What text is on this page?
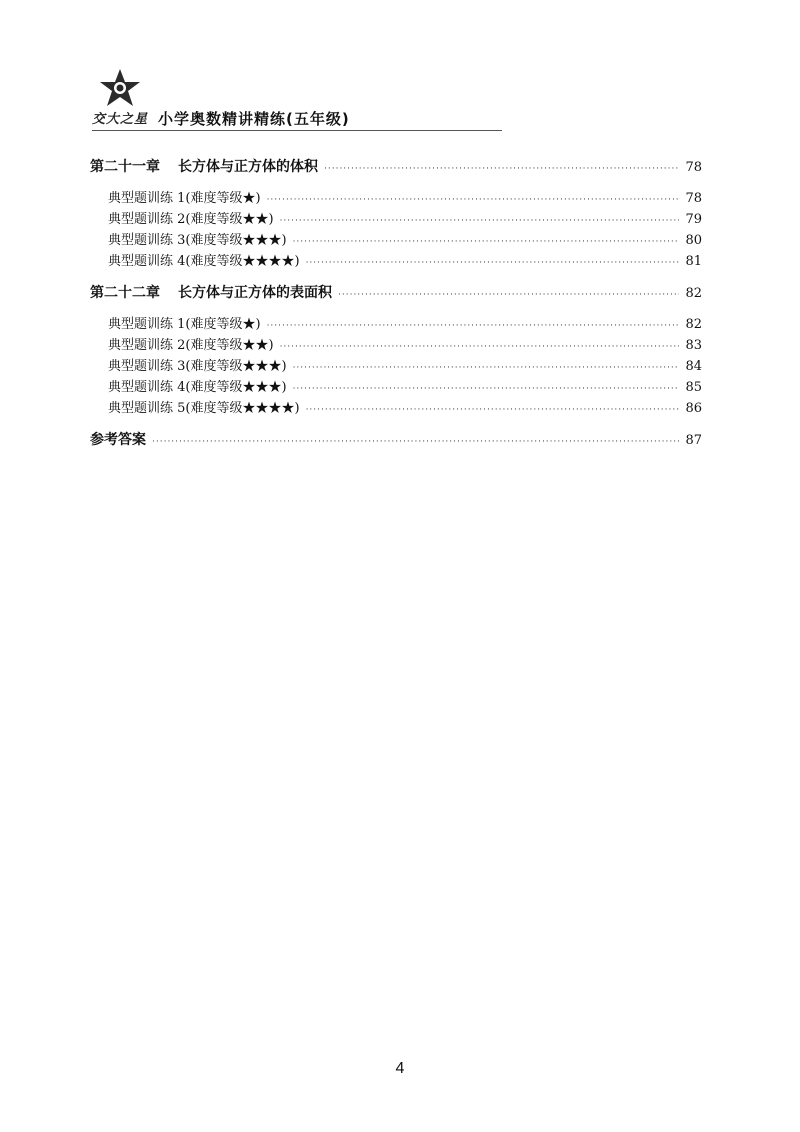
交大之星 小学奥数精讲精练(五年级)
第二十一章 长方体与正方体的体积 ·····	78
典型题训练 1(难度等级★) ·····	78
典型题训练 2(难度等级★★) ·····	79
典型题训练 3(难度等级★★★) ·····	80
典型题训练 4(难度等级★★★★) ·····	81
第二十二章 长方体与正方体的表面积 ·····	82
典型题训练 1(难度等级★) ·····	82
典型题训练 2(难度等级★★) ·····	83
典型题训练 3(难度等级★★★) ·····	84
典型题训练 4(难度等级★★★) ·····	85
典型题训练 5(难度等级★★★★) ·····	86
参考答案 ·····	87
4
